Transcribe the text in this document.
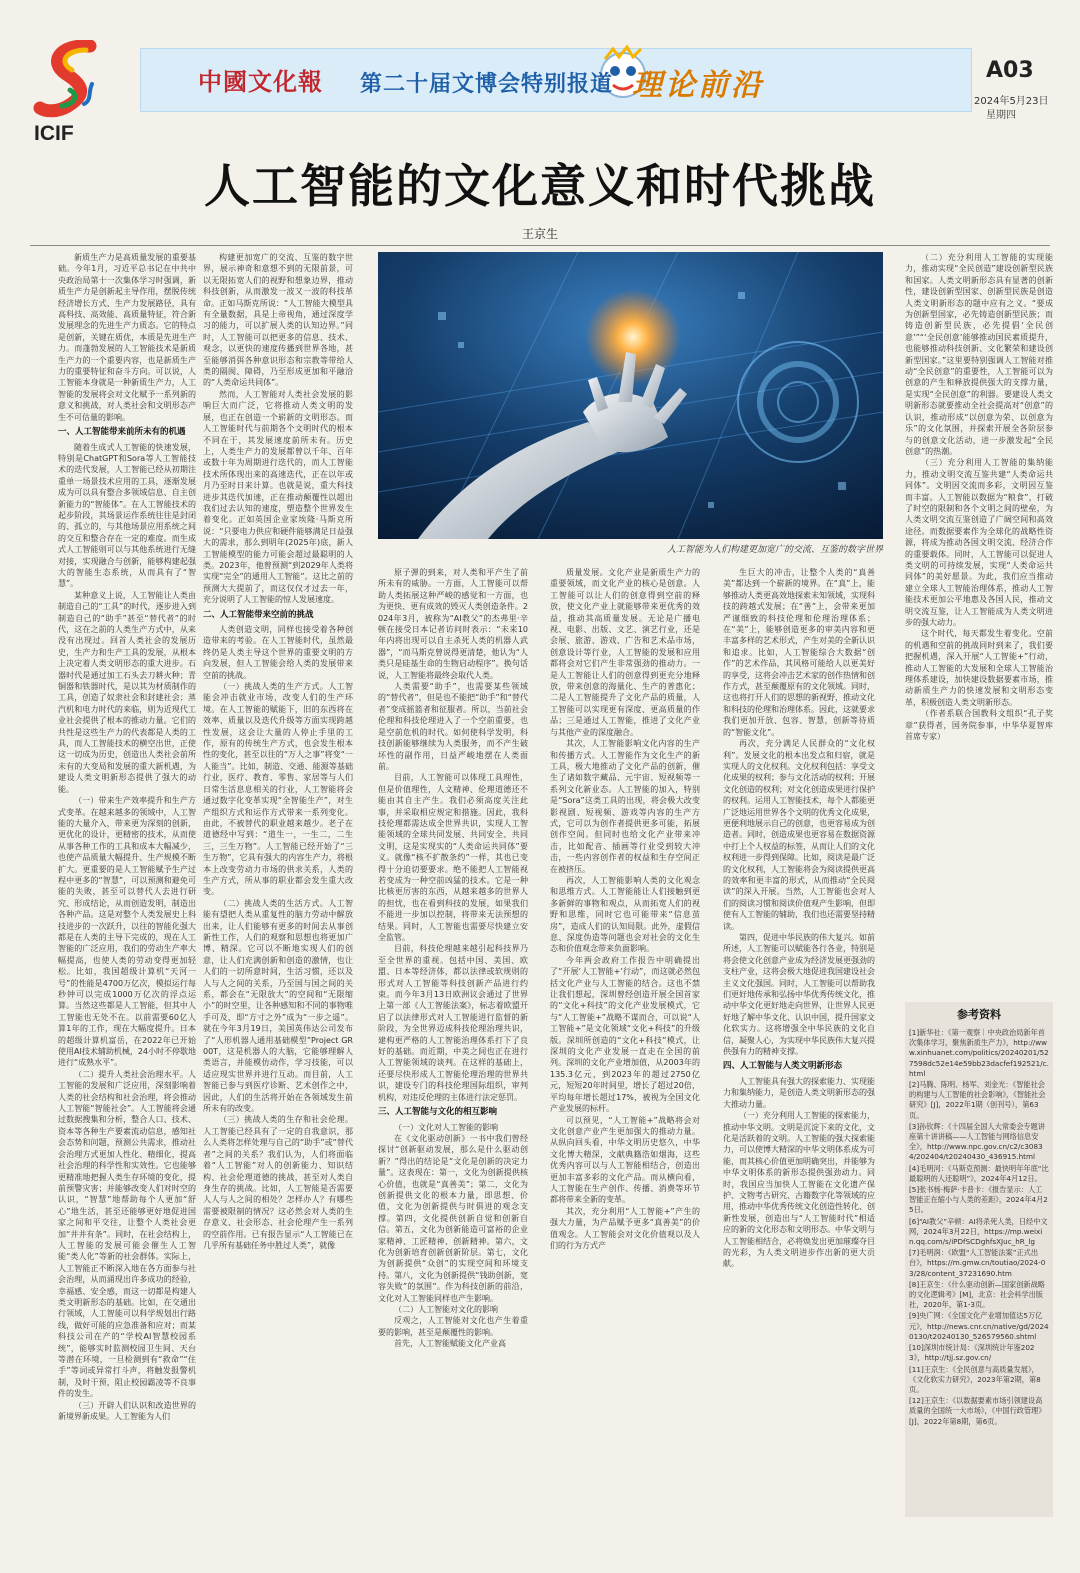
中國文化報 第二十届文博会特别报道 理论前沿	A03
2024年5月23日
星期四
ICIF
人工智能的文化意义和时代挑战
王京生
人工智能为人们构建更加宽广的交流、互鉴的数字世界

新质生产力是高质量发展的重要基础。今年1月，习近平总书记在中共中央政治局第十一次集体学习时强调，新质生产力是创新起主导作用，摆脱传统经济增长方式、生产力发展路径，具有高科技、高效能、高质量特征，符合新发展理念的先进生产力质态。它的特点是创新，关键在质优，本质是先进生产力。而蓬勃发展的人工智能技术是新质生产力的一个重要内容，也是新质生产力的重要特征和奋斗方向。可以说，人工智能本身就是一种新质生产力，人工智能的发展将会对文化赋予一系列新的意义和挑战，对人类社会和文明形态产生不可估量的影响。

一、人工智能带来前所未有的机遇

随着生成式人工智能的快速发展，特别是ChatGPT和Sora等人工智能技术的迭代发展，人工智能已经从初期注重单一场景技术应用的工具，逐渐发展成为可以具有整合多领域信息、自主创新能力的“智能体”。在人工智能技术的起步阶段，其场景运作系统往往是封闭的、孤立的，与其他场景应用系统之间的交互和整合存在一定的难度。而生成式人工智能则可以与其他系统进行无缝对接，实现融合与创新，能够构建起强大的智能生态系统，从而具有了“智慧”。

某种意义上说，人工智能让人类由制造自己的“工具”的时代，逐步进入到制造自己的“助手”甚至“替代者”的时代，这在之前的人类生产方式中，从来没有出现过。回首人类社会的发展历史，生产力和生产工具的发展，从根本上决定着人类文明形态的重大进步。石器时代是通过加工石头去刀耕火种；青铜器和铁器时代，是以其为材质制作的工具，创造了奴隶社会和封建社会；蒸汽机和电力时代的来临，则为近现代工业社会提供了根本的推动力量。它们的共性是这些生产力的代表都是人类的工具，而人工智能技术的横空出世，正使这一切成为历史，创造出人类社会前所未有的大变局和发展的重大新机遇，为建设人类文明新形态提供了强大的动能。

（一）带来生产效率提升和生产方式变革。在越来越多的领域中，人工智能的大量介入，带来更为深刻的创新，更优化的设计，更精密的技术，从而使从事各种工作的工具和成本大幅减少，也使产品质量大幅提升、生产规模不断扩大。更重要的是人工智能赋予生产过程中更多的“智慧”，可以预测和避免可能的失败，甚至可以替代人去进行研究、形成结论，从而创造发明，制造出各种产品。这是对整个人类发展史上科技进步的一次跃升，以往的智能化强大都是在人类的主导下完成的，现在人工智能的广泛应用，我们的劳动生产率大幅提高，也使人类的劳动变得更加轻松。比如，我国超级计算机“天河一号”的性能是4700万亿次，模拟运行每秒钟可以完成1000万亿次的浮点运算。当然这些都是人工智能，但其中人工智能也无处不在。以前需要60亿人算1年的工作，现在大幅度提升。日本的超级计算机富岳，在2022年已开始使用AI技术辅助机械，24小时不停歇地进行“成熟水平”。

（二）提升人类社会治理水平。人工智能的发展和广泛应用，深刻影响着人类的社会结构和社会治理，将会推动人工智能“智能社会”。人工智能将会通过数据搜集和分析，整合人口、技术、资本等各种生产要素流动信息，感知社会态势和问题，预测公共需求，推动社会治理方式更加人性化、精细化，提高社会治理的科学性和实效性。它也能够更精准地把握人类生存环境的变化，提前预警灾害；并能够改变人们对时空的认识，“智慧”地帮助每个人更加“舒心”地生活，甚至还能够更好地促进国家之间和平交往，让整个人类社会更加“井井有条”。同时，在社会结构上，人工智能的发展可能会催生人工智能“类人化”等新的社会群体。实际上，人工智能正不断深入地在各方面参与社会治理，从而涌现出许多成功的经验，幸福感、安全感，而这一切都是构建人类文明新形态的基础。比如，在交通出行领域，人工智能可以科学规划出行路线，做好可能的应急准备和应对；而某科技公司在产的“学校AI智慧校园系统”，能够实时监测校园卫生间、天台等潜在环境，一旦检测到有“救命”“住手”等词或异常打斗声，将触发报警机制，及时干预，阻止校园霸凌等不良事件的发生。

（三）开辟人们认识和改造世界的新境界新成果。人工智能为人们

构建更加宽广的交流、互鉴的数字世界，展示神奇和意想不到的无限前景，可以无限拓宽人们的视野和想象边界，推动科技创新，从而激发一波又一波的科技革命。正如马斯克所说：“人工智能大模型具有全量数据，具是上帝视角，通过深度学习的能力，可以扩展人类的认知边界。”同时，人工智能可以把更多的信息、技术、观念，以更快的速度传播到世界各地，甚至能够消弭各种意识形态和宗教等带给人类的隔阂、障碍，乃至形成更加和平融洽的“人类命运共同体”。

然而，人工智能对人类社会发展的影响巨大而广泛，它将推动人类文明的发展，也正在创造一个崭新的文明形态。而人工智能时代与前期各个文明时代的根本不同在于，其发展速度前所未有。历史上，人类生产力的发展都曾以千年、百年或数十年为周期进行迭代的，而人工智能技术所体现出来的高速迭代，正在以年或月乃至时日来计算。也就是说，重大科技进步其迭代加速，正在推动颠覆性以超出我们过去认知的速度，塑造整个世界发生着变化。正如英国企业家埃隆·马斯克所说：“只要电力供应和硬件能够满足日益强大的需求，那么到明年(2025年)底，新人工智能模型的能力可能会超过最聪明的人类。2023年，他曾预测“到2029年人类将实现“完全”的通用人工智能”。这比之前的预测大大提前了，而这仅仅才过去一年，充分说明了人工智能的惊人发展速度。

二、人工智能带来空前的挑战

人类创造文明，同样也接受着各种创造带来的考验。在人工智能时代，虽然最终仍是人类主导这个世界的重要文明的方向发展，但人工智能会给人类的发展带来空前的挑战。

（一）挑战人类的生产方式。人工智能会冲击就业市场，改变人们的生产环境。在人工智能的赋能下，旧的东西将在效率、质量以及迭代升级等方面实现跨越性发展，这会让大量的人停止手里的工作，原有的传统生产方式，也会发生根本性的变化，甚至以往的“万人之事”将变“一人能当”。比如，制造、交通、能源等基础行业，医疗、教育、零售、家居等与人们日常生活息息相关的行业，人工智能将会通过数字化变革实现“全智能生产”，对生产组织方式和运作方式带来一系列变化。由此，不被替代的职业越来越少。老子在道德经中写到：“道生一，一生二，二生三，三生万物”。人工智能已经开始了“三生万物”，它具有强大的内容生产力，将根本上改变劳动力市场的供求关系，人类的生产方式，所从事的职业都会发生重大改变。

（二）挑战人类的生活方式。人工智能有望把人类从重复性的脑力劳动中解放出来，让人们能够有更多的时间去从事创新性工作，人们的观察和思想也将更加广博、精深。它可以不断地实现人们的创意，让人们充满创新和创造的激情，也让人们的一切所意时间，生活习惯，还以及人与人之间的关系，乃至国与国之间的关系，都会在“无限放大”的空间和“无限缩小”的时空里，让各种感知和不同的事物唯手可及，即“方寸之外”成为“一步之遥”。就在今年3月19日，美国英伟达公司发布了“人形机器人通用基础模型”Project GR00T，这是机器人的大脑，它能够理解人类语言，并能模仿动作，学习技能，可以适应现实世界并进行互动。而目前，人工智能已参与到医疗诊断、艺术创作之中，因此，人们的生活将开始在各领域发生前所未有的改变。

（三）挑战人类的生存和社会伦理。人工智能已经具有了一定的自我意识，那么人类将怎样处理与自己的“助手”或“替代者”之间的关系？我们认为，人们将面临着“人工智能”对人的创新能力、知识结构、社会伦理道德的挑战，甚至对人类自身生存的挑战。比如，人工智能是否需要人人与人之间的相处？怎样办人？有哪些需要被限制的情况？这必然会对人类的生存意义、社会形态、社会伦理产生一系列的空前作用。已有报告显示“人工智能已在几乎所有基础任务中胜过人类”，就像

原子弹的到来，对人类和平产生了前所未有的威胁。一方面，人工智能可以帮助人类拓展这种严峻的感觉和一方面，也为更快、更有成效的毁灭人类创造条件。2024年3月，被称为“AI教父”的杰弗里·辛顿在接受日本记者访问时表示：“未来10年内将出现可以自主杀死人类的机器人武器”，“而马斯克曾说得更清楚，他认为“人类只是硅基生命的生物启动程序”。换句话说，人工智能将最终会取代人类。

人类需要“助手”，也需要某些领域的“替代者”，但是也不能把“助手”和“替代者”变成摇篮者和征服者。所以，当前社会伦理和科技伦理进入了一个空前重要，也是空前危机的时代。如何使科学发明，科技创新能够继续为人类服务，而不产生破坏性的副作用，日益严峻地摆在人类面前。

目前，人工智能可以体现工具理性，但是价值理性，人文精神、伦理道德还不能由其自主产生。我们必须高度关注此事，并采取相应规定和措施。因此，我科技伦理都需达成全世界共识，实现人工智能领域的全球共同发展、共同安全、共同文明，这是实现实的“人类命运共同体”要义。就像“核不扩散条约”一样，其也已变得十分迫切要要求。绝不能把人工智能视若变成为一种空前凶猛的技术。它是一种比核更厉害的东西，从越来越多的世界人的担忧，也在看到科技的发展，如果我们不能进一步加以控制，将带来无法预想的结果。同时，人工智能也需要尽快建立安全监管。

目前，科技伦理越来越引起科技界乃至全世界的重视。包括中国、美国、欧盟、日本等经济体，都以法律或软规则的形式对人工智能等科技创新产品进行约束。而今年3月13日欧洲议会通过了世界上第一部《人工智能法案》，标志着欧盟开启了以法律形式对人工智能进行监督的新阶段，为全世界迈成科技伦理治理共识，建构更严格的人工智能治理体系打下了良好的基础。而近期，中美之间也正在进行人工智能领域的谈判。在这样的基础上，还要尽快形成人工智能伦理治理的世界共识，建设专门的科技伦理国际组织，审判机构，对违反伦理的主体进行法定惩罚。

三、人工智能与文化的相互影响

（一）文化对人工智能的影响

在《文化驱动创新》一书中我们曾经探讨“创新驱动发展，那么是什么驱动创新？”得出的结论是“文化是创新的决定力量”。这表现在：第一，文化为创新提供核心价值，也就是“真善美”；第二，文化为创新提供文化的根本力量，即思想、价值，文化为创新提供与时俱进的观念支撑。第四，文化提供创新自觉和创新自信。第五，文化为创新能造可富裕的企业家精神、工匠精神、创新精神。第六，文化为创新培育创新创新阶层。第七，文化为创新提供“众创”的实现空间和环境支持。第八，文化为创新提供“钱助创新，宽容失败”的氛围”。作为科技创新的前沿，文化对人工智能同样也产生影响。

（二）人工智能对文化的影响

反观之，人工智能对文化也产生着重要的影响，甚至是颠覆性的影响。

首先，人工智能赋能文化产业高

质量发展。文化产业是新质生产力的重要领域，而文化产业的核心是创意。人工智能可以让人们的创意得到空前的释放，使文化产业上就能够带来更优秀的效益，推动其高质量发展。无论是广播电视、电影、出版、文艺、演艺行业，还是会展、旅游、游戏、广告和艺术品市场，创意设计等行业，人工智能的发展和应用都将会对它们产生非常强劲的推动力。一是人工智能让人们的创意得到更充分地释放，带来创意的海量化、生产的普惠化；二是人工智能提升了文化产品的质量，人工智能可以实现更有深度、更高质量的作品；三是通过人工智能，推进了文化产业与其他产业的深度融合。

其次，人工智能影响文化内容的生产和传播方式。人工智能作为文化生产的新工具，极大地推动了文化产品的创新，催生了诸如数字藏品、元宇宙、短视频等一系列文化新业态。人工智能的加入，特别是“Sora”这类工具的出现，将会极大改变影视剧、短视频、游戏等内容的生产方式，它可以为创作者提供更多可能，拓展创作空间。但同时也给文化产业带来冲击，比如配音、插画等行业受到较大冲击，一些内容创作者的权益和生存空间正在被挤压。

再次，人工智能影响人类的文化观念和思维方式。人工智能能让人们接触到更多新鲜的事物和观点，从而拓宽人们的视野和思维，同时它也可能带来“信息茧房”，造成人们的认知局限。此外，虚假信息、深度伪造等问题也会对社会的文化生态和价值观念带来负面影响。

今年两会政府工作报告中明确提出了“开展‘人工智能+’行动”，而这就必然包括文化产业与人工智能的结合。这也不禁让我们想起，深圳曾经创造开展全国首家的“文化+科技”的文化产业发展模式，它与“人工智能+”战略不谋而合，可以说“人工智能+”是文化领域“文化+科技”的升级版。深圳所创造的“文化+科技”模式，让深圳的文化产业发展一直走在全国的前列。深圳的文化产业增加值，从2003年的135.3亿元，到2023年的超过2750亿元，短短20年时间里，增长了超过20倍，平均每年增长超过17%，被视为全国文化产业发展的标杆。

可以预见，“人工智能+”战略将会对文化创意产业产生更加强大的推动力量。从纵向回头看，中华文明历史悠久，中华文化博大精深，文献典籍浩如烟海，这些优秀内容可以与人工智能相结合，创造出更加丰富多彩的文化产品。而从横向看，人工智能在生产创作、传播、消费等环节都将带来全新的变革。

其次，充分利用“人工智能+”产生的强大力量，为产品赋予更多“真善美”的价值观念。人工智能会对文化价值观以及人们的行为方式产

生巨大的冲击，让整个人类的“真善美”都达到一个崭新的境界。在“真”上，能够推动人类更高效地探索未知领域，实现科技的跨越式发展；在“善”上，会带来更加严谨细致的科技伦理和伦理治理体系；在“美”上，能够创造更多的审美内容和更丰富多样的艺术形式，产生对美的全新认识和追求。比如，人工智能综合大数据“创作”的艺术作品，其风格可能给人以更美好的享受，这将会冲击艺术家的创作热情和创作方式，甚至颠覆原有的文化领域。同时，这也将打开人们的思想的新视野，推动文化和科技的伦理和治理体系。因此，这就要求我们更加开放、包容、智慧，创新等待质的“智能文化”。

再次，充分满足人民群众的“文化权利”。发展文化的根本出发点和归宿，就是实现人的文化权利。文化权利包括：享受文化成果的权利；参与文化活动的权利；开展文化创造的权利；对文化创造成果进行保护的权利。运用人工智能技术，每个人都能更广泛地运用世界各个文明的优秀文化成果，更便利地展示自己的创意，也更容易成为创造者。同时，创造成果也更容易在数据资源中打上个人权益的标签，从而让人们的文化权利进一步得到保障。比如，阅读是最广泛的文化权利，人工智能将会为阅读提供更高的效率和更丰富的形式，从而推动“全民阅读”的深入开展。当然，人工智能也会对人们的阅读习惯和阅读价值观产生影响，但即使有人工智能的辅助，我们也还需要坚持精读。

第四，促进中华民族的伟大复兴。如前所述，人工智能可以赋能各行各业，特别是将会使文化创意产业成为经济发展更强劲的支柱产业，这将会极大地促进我国建设社会主义文化强国。同时，人工智能可以帮助我们更好地传承和弘扬中华优秀传统文化，推动中华文化更好地走向世界，让世界人民更好地了解中华文化、认识中国，提升国家文化软实力。这将增强全中华民族的文化自信，凝聚人心，为实现中华民族伟大复兴提供强有力的精神支撑。

四、人工智能与人类文明新形态

人工智能具有强大的探索能力、实现能力和集纳能力，是创造人类文明新形态的强大推动力量。

（一）充分利用人工智能的探索能力，推动中华文明。文明是沉淀下来的文化，文化是活跃着的文明。人工智能的强大探索能力，可以使博大精深的中华文明体系成为可能，而其核心价值更加明确突出，并能够为中华文明体系的新形态提供强劲动力。同时，我国应当加快人工智能在文化遗产保护、文物考古研究、古籍数字化等领域的应用，推动中华优秀传统文化创造性转化、创新性发展，创造出与“人工智能时代”相适应的新的文化形态和文明形态。中华文明与人工智能相结合，必将焕发出更加璀璨夺目的光彩，为人类文明进步作出新的更大贡献。

（二）充分利用人工智能的实现能力，推动实现“全民创造”建设创新型民族和国家。人类文明新形态具有显著的创新性，建设创新型国家、创新型民族是创造人类文明新形态的题中应有之义。“要成为创新型国家，必先铸造创新型民族；而铸造创新型民族，必先提倡‘全民创意’”“‘全民创意’能够推动国民素质提升，也能够推动科技创新、文化繁荣和建设创新型国家。”这里要特别强调人工智能对推动“全民创意”的重要性，人工智能可以为创意的产生和释放提供强大的支撑力量，是实现“全民创意”的利器。要建设人类文明新形态就要推动全社会提高对“创意”的认识，推动形成“以创意为荣、以创意为乐”的文化氛围，并探索开展全各阶层参与的创意文化活动，进一步激发起“全民创意”的热潮。

（三）充分利用人工智能的集纳能力，推动文明交流互鉴共建“人类命运共同体”。文明因交流而多彩，文明因互鉴而丰富。人工智能以数据为“粮食”，打破了时空的限制和各个文明之间的壁垒，为人类文明交流互鉴创造了广阔空间和高效途径。而数据要素作为全球化的战略性资源，将成为推动各国文明交流、经济合作的重要载体。同时，人工智能可以促进人类文明的可持续发展，实现“人类命运共同体”的美好愿景。为此，我们应当推动建立全球人工智能治理体系，推动人工智能技术更加公平地惠及各国人民，推动文明交流互鉴，让人工智能成为人类文明进步的强大动力。

这个时代，每天都发生着变化。空前的机遇和空前的挑战同时到来了，我们要把握机遇，深入开展“人工智能+”行动，推动人工智能的大发展和全球人工智能治理体系建设，加快建设数据要素市场，推动新质生产力的快速发展和文明形态变革，积极创造人类文明新形态。

（作者系联合国教科文组织“孔子奖章”获得者，国务院参事，中华华夏智库首席专家）

参考资料
[1]新华社：《第一观察｜中央政治局新年首次集体学习，聚焦新质生产力》，http://www.xinhuanet.com/politics/20240201/527598dc52e14e59bb23dacfef192521/c.html
[2]马腾、陈明、杨军、刘金光：《智能社会的构建与人工智能的社会影响》，《智能社会研究》[J]，2022年1期（创刊号），第63页。
[3]孙钦辉：《十四届全国人大常委会专题讲座第十讲讲稿——人工智能与网络信息安全》，http://www.npc.gov.cn/c2/c30834/202404/t20240430_436915.html
[4]毛明河：《马斯克预测：最快明年年底“比最聪明的人还聪明”》，2024年4月12日。
[5]张书杨·梅萨·卡普卡：《报告显示：人工智能正在缩小与人类的差距》，2024年4月25日。
[6]“AI教父”辛顿：AI将杀死人类，日经中文网，2024年3月22日，https://mp.weixin.qq.com/s/iPDfSCDghfsXJuc_hR_lg
[7]毛明润：《欧盟“人工智能法案”正式出台》，https://m.gmw.cn/toutiao/2024-03/28/content_37231690.htm
[8]王京生：《什么驱动创新—国家创新战略的文化逻辑考》[M]，北京：社会科学出版社，2020年，第1-3页。
[9]央广网：《全国文化产业增加值达5万亿元》，http://news.cnr.cn/native/gd/20240130/t20240130_526579560.shtml
[10]深圳市统计局：《深圳统计年鉴2023》，http://tjj.sz.gov.cn/
[11]王京生：《全民创意与高质量发展》，《文化软实力研究》，2023年第2期，第8页。
[12]王京生：《以数据要素市场引领建设高质量的全国统一大市场》，《中国行政管理》[J]，2022年第8期，第6页。
